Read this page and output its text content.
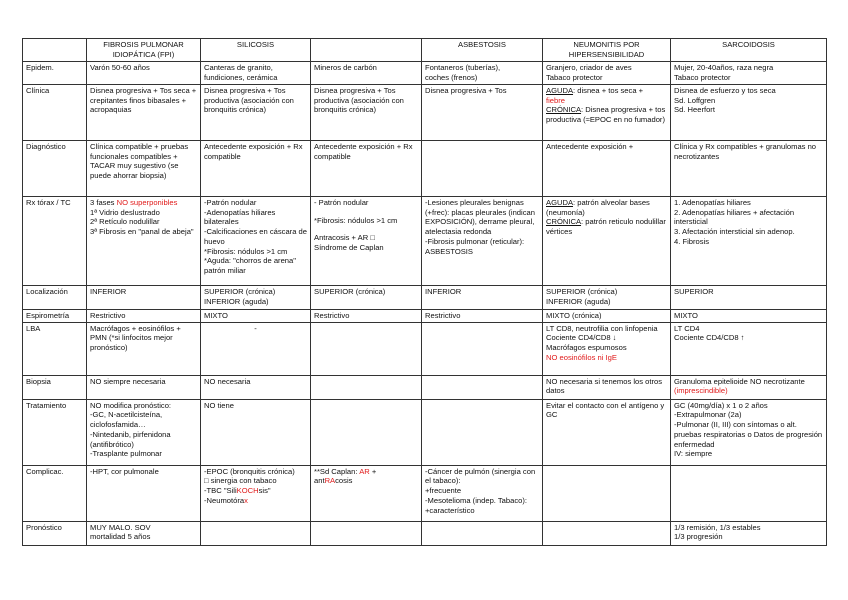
	FIBROSIS PULMONAR IDIOPÁTICA (FPI)	SILICOSIS		ASBESTOSIS	NEUMONITIS POR HIPERSENSIBILIDAD	SARCOIDOSIS
Epidem.	Varón 50-60 años	Canteras de granito,
fundiciones, cerámica	Mineros de carbón	Fontaneros (tuberías),
coches (frenos)	Granjero, criador de aves
Tabaco protector	Mujer, 20-40años, raza negra
Tabaco protector

Clínica	Disnea progresiva + Tos seca + crepitantes finos bibasales + acropaquias	Disnea progresiva + Tos productiva (asociación con bronquitis crónica)	Disnea progresiva + Tos productiva (asociación con bronquitis crónica)	Disnea progresiva + Tos	AGUDA: disnea + tos seca +
fiebre
CRÓNICA: Disnea progresiva + tos productiva (≈EPOC en no fumador)	Disnea de esfuerzo y tos seca
Sd. Loffgren
Sd. Heerfort

Diagnóstico	Clínica compatible + pruebas funcionales compatibles + TACAR muy sugestivo (se puede ahorrar biopsia)	Antecedente exposición + Rx compatible	Antecedente exposición + Rx compatible		Antecedente exposición +	Clínica y Rx compatibles + granulomas no necrotizantes
Rx tórax / TC	3 fases NO superponibles
1ª Vidrio deslustrado
2ª Retículo nodulillar
3ª Fibrosis en "panal de abeja"	-Patrón nodular
-Adenopatías hiliares bilaterales
-Calcificaciones en cáscara de huevo
*Fibrosis: nódulos >1 cm
*Aguda: "chorros de arena" patrón miliar	- Patrón nodular
*Fibrosis: nódulos >1 cm
Antracosis + AR □
Síndrome de Caplan	-Lesiones pleurales benignas (+frec): placas pleurales (indican EXPOSICIÓN), derrame pleural, atelectasia redonda
-Fibrosis pulmonar (reticular): ASBESTOSIS	AGUDA: patrón alveolar bases (neumonía)
CRÓNICA: patrón reticulo nodulillar vértices	1. Adenopatías hiliares
2. Adenopatías hiliares + afectación intersticial
3. Afectación intersticial sin adenop.
4. Fibrosis

Localización	INFERIOR	SUPERIOR (crónica)
INFERIOR (aguda)	SUPERIOR (crónica)	INFERIOR	SUPERIOR (crónica)
INFERIOR (aguda)	SUPERIOR
Espirometría	Restrictivo	MIXTO	Restrictivo	Restrictivo	MIXTO (crónica)	MIXTO
LBA	Macrófagos + eosinófilos + PMN (*si linfocitos mejor pronóstico)	-			LT CD8, neutrofilia con linfopenia
Cociente CD4/CD8 ↓
Macrófagos espumosos
NO eosinófilos ni IgE	LT CD4
Cociente CD4/CD8 ↑

Biopsia	NO siempre necesaria	NO necesaria			NO necesaria si tenemos los otros datos	Granuloma epitelioide NO necrotizante (imprescindible)
Tratamiento	NO modifica pronóstico:
-GC, N-acetilcisteína, ciclofosfamida…
-Nintedanib, pirfenidona (antifibrótico)
-Trasplante pulmonar	NO tiene			Evitar el contacto con el antígeno y GC	GC (40mg/día) x 1 o 2 años
-Extrapulmonar (2a)
-Pulmonar (II, III) con síntomas o alt. pruebas respiratorias o Datos de progresión enfermedad
IV: siempre

Complicac.	-HPT, cor pulmonale	-EPOC (bronquitis crónica)
□ sinergia con tabaco
-TBC "SiliKOCHsis"
-Neumotórax	**Sd Caplan: AR +
antRAcosis	-Cáncer de pulmón (sinergia con el tabaco):
+frecuente
-Mesotelioma (indep. Tabaco): +característico		

Pronóstico	MUY MALO. SOV
mortalidad 5 años					1/3 remisión, 1/3 estables
1/3 progresión
